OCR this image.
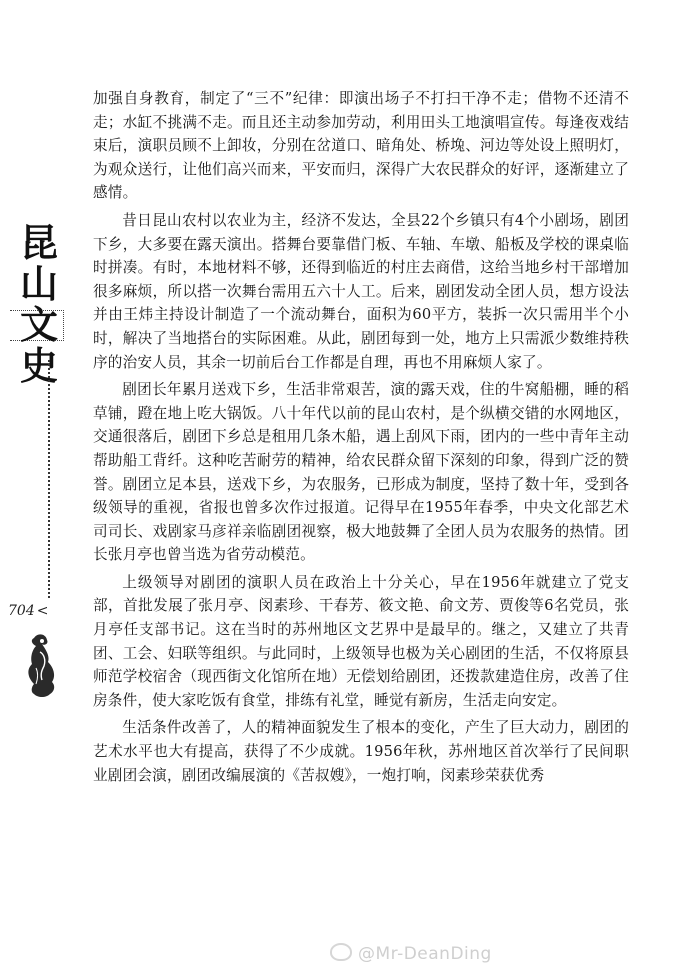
昆山
文
史
704 <

加强自身教育，制定了“三不”纪律：即演出场子不打扫干净不走；借物不还清不走；水缸不挑满不走。而且还主动参加劳动，利用田头工地演唱宣传。每逢夜戏结束后，演职员顾不上卸妆，分别在岔道口、暗角处、桥堍、河边等处设上照明灯，为观众送行，让他们高兴而来，平安而归，深得广大农民群众的好评，逐渐建立了感情。

昔日昆山农村以农业为主，经济不发达，全县22个乡镇只有4个小剧场，剧团下乡，大多要在露天演出。搭舞台要靠借门板、车轴、车墩、船板及学校的课桌临时拼凑。有时，本地材料不够，还得到临近的村庄去商借，这给当地乡村干部增加很多麻烦，所以搭一次舞台需用五六十人工。后来，剧团发动全团人员，想方设法并由王炜主持设计制造了一个流动舞台，面积为60平方，装拆一次只需用半个小时，解决了当地搭台的实际困难。从此，剧团每到一处，地方上只需派少数维持秩序的治安人员，其余一切前后台工作都是自理，再也不用麻烦人家了。

剧团长年累月送戏下乡，生活非常艰苦，演的露天戏，住的牛窝船棚，睡的稻草铺，蹬在地上吃大锅饭。八十年代以前的昆山农村，是个纵横交错的水网地区，交通很落后，剧团下乡总是租用几条木船，遇上刮风下雨，团内的一些中青年主动帮助船工背纤。这种吃苦耐劳的精神，给农民群众留下深刻的印象，得到广泛的赞誉。剧团立足本县，送戏下乡，为农服务，已形成为制度，坚持了数十年，受到各级领导的重视，省报也曾多次作过报道。记得早在1955年春季，中央文化部艺术司司长、戏剧家马彦祥亲临剧团视察，极大地鼓舞了全团人员为农服务的热情。团长张月亭也曾当选为省劳动模范。

上级领导对剧团的演职人员在政治上十分关心，早在1956年就建立了党支部，首批发展了张月亭、闵素珍、干春芳、筱文艳、俞文芳、贾俊等6名党员，张月亭任支部书记。这在当时的苏州地区文艺界中是最早的。继之，又建立了共青团、工会、妇联等组织。与此同时，上级领导也极为关心剧团的生活，不仅将原县师范学校宿舍（现西街文化馆所在地）无偿划给剧团，还拨款建造住房，改善了住房条件，使大家吃饭有食堂，排练有礼堂，睡觉有新房，生活走向安定。

生活条件改善了，人的精神面貌发生了根本的变化，产生了巨大动力，剧团的艺术水平也大有提高，获得了不少成就。1956年秋，苏州地区首次举行了民间职业剧团会演，剧团改编展演的《苦叔嫂》，一炮打响，闵素珍荣获优秀

@Mr-DeanDing
